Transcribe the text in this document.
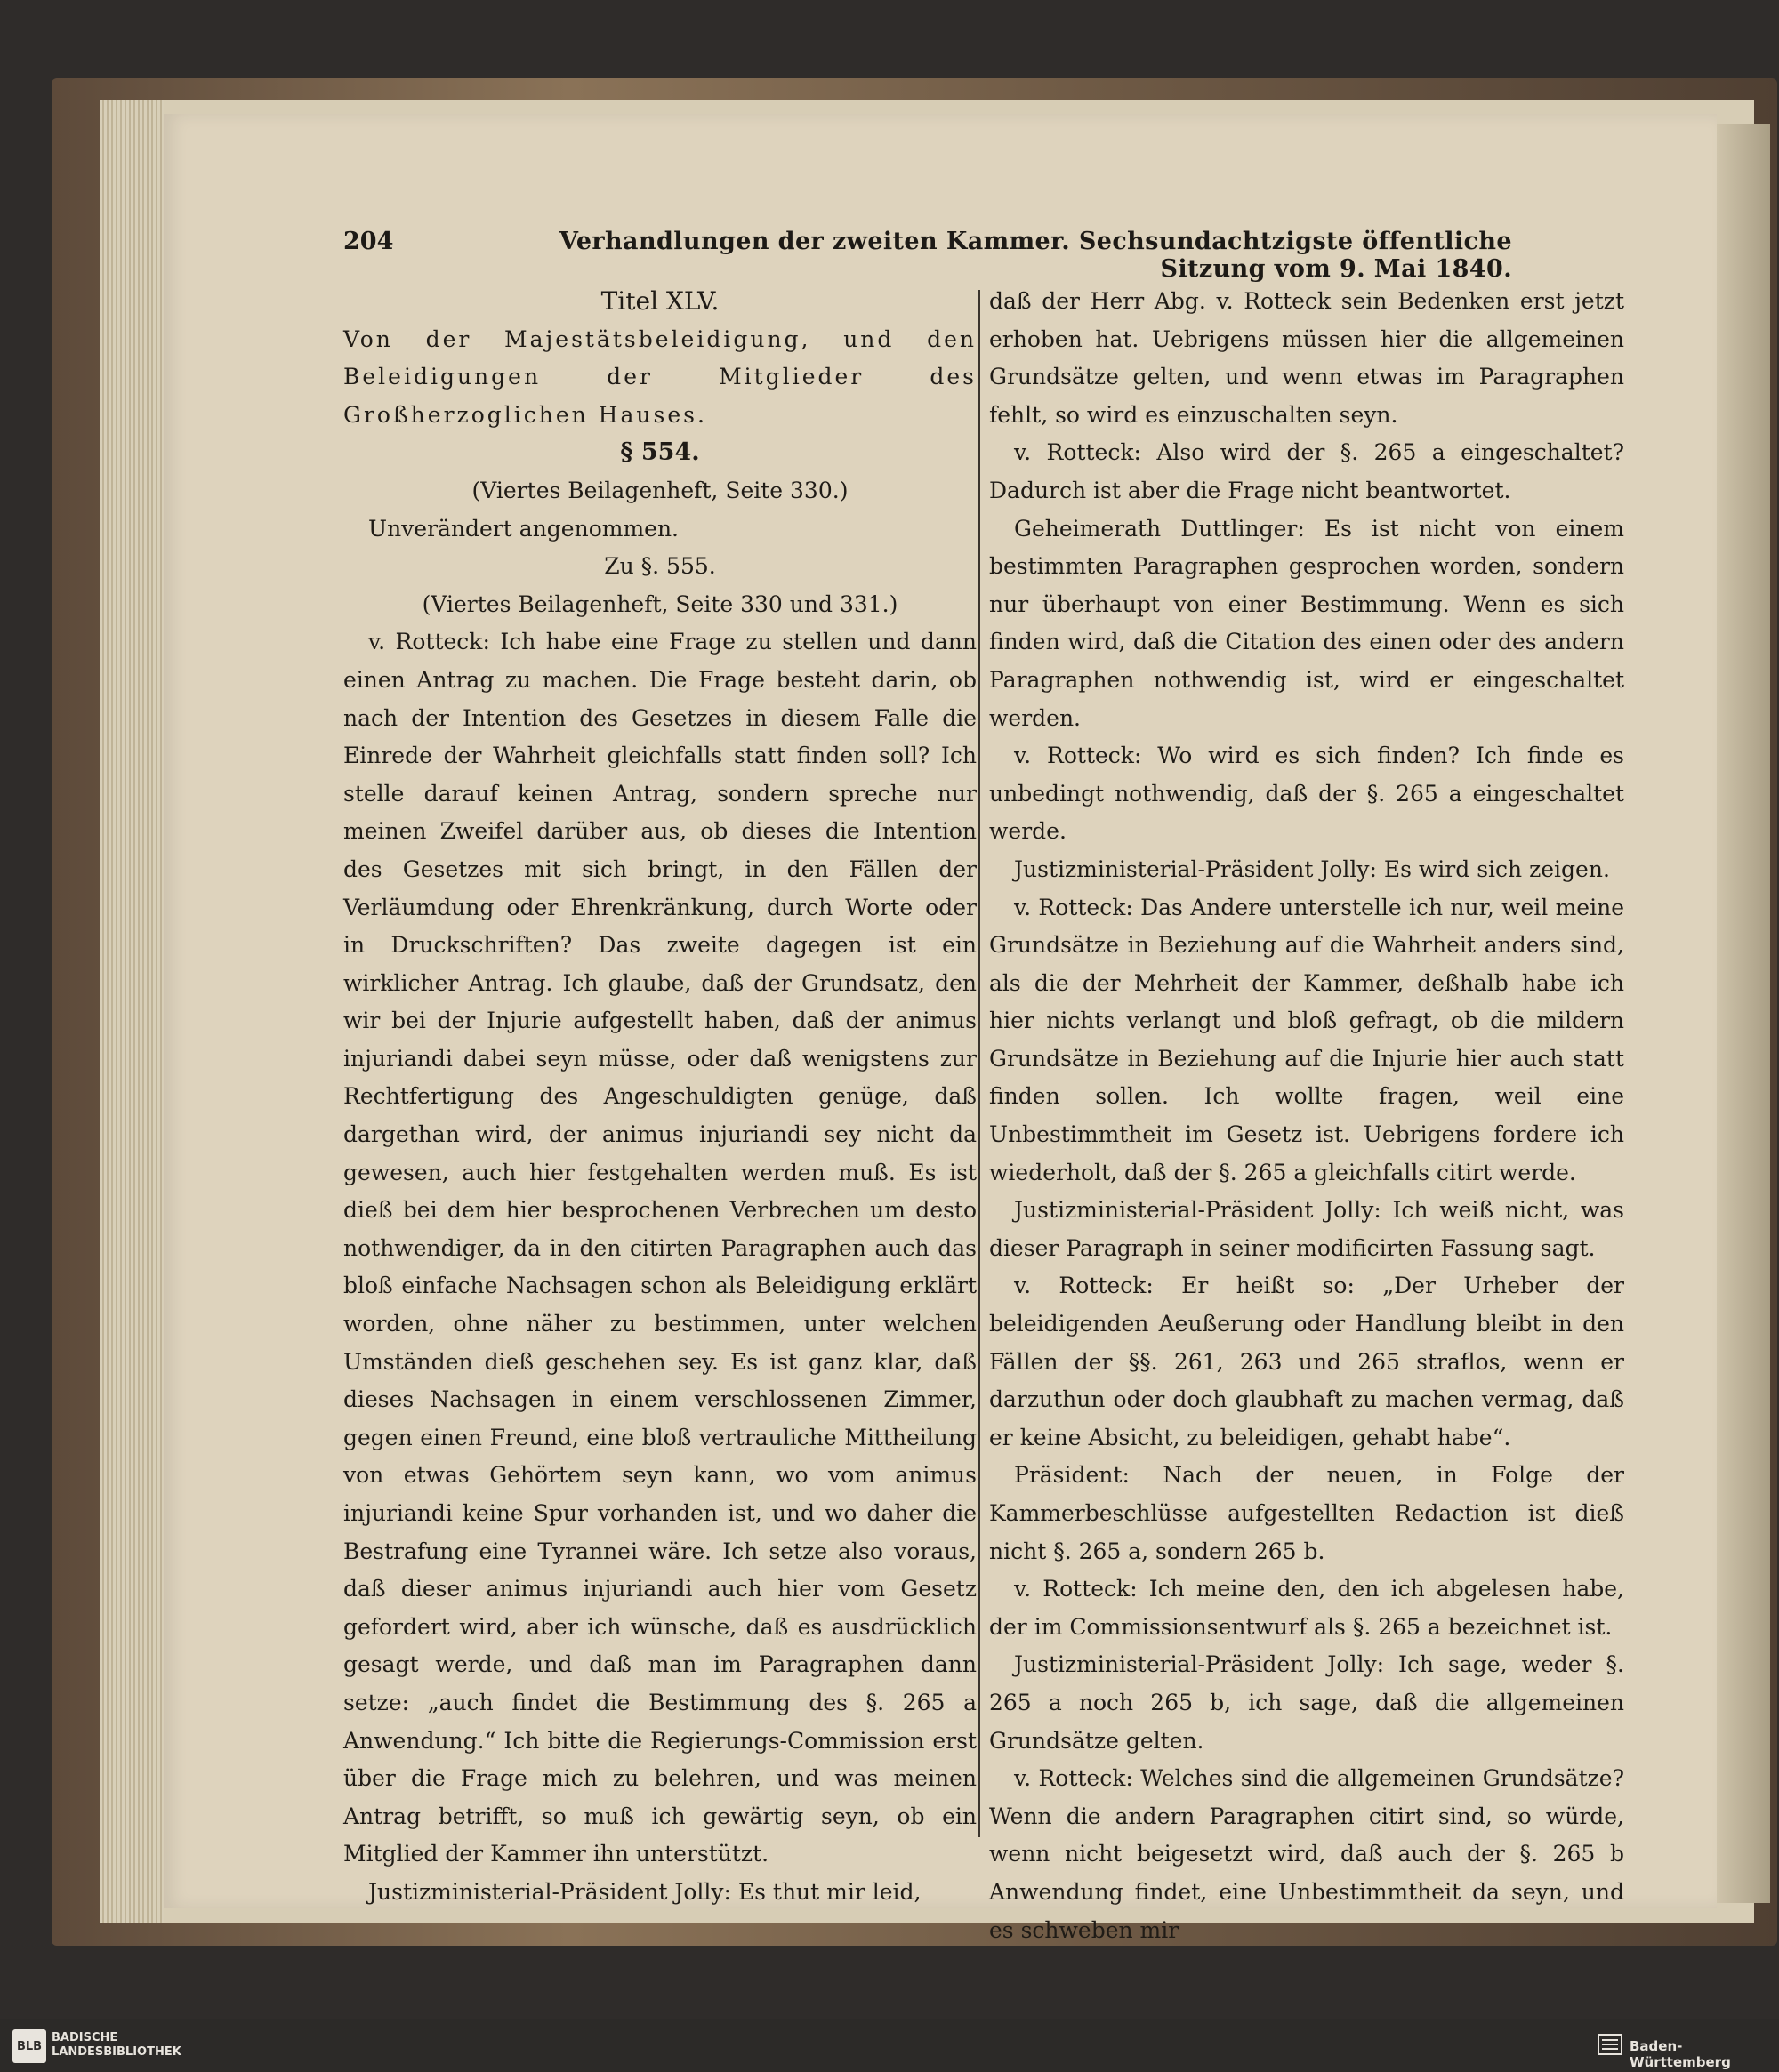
204	Verhandlungen der zweiten Kammer. Sechsundachtzigste öffentliche Sitzung vom 9. Mai 1840.

Titel XLV.

Von der Majestätsbeleidigung, und den Beleidigungen der Mitglieder des Großherzoglichen Hauses.

§ 554.

(Viertes Beilagenheft, Seite 330.)

Unverändert angenommen.

Zu §. 555.

(Viertes Beilagenheft, Seite 330 und 331.)

v. Rotteck: Ich habe eine Frage zu stellen und dann einen Antrag zu machen. Die Frage besteht darin, ob nach der Intention des Gesetzes in diesem Falle die Einrede der Wahrheit gleichfalls statt finden soll? Ich stelle darauf keinen Antrag, sondern spreche nur meinen Zweifel darüber aus, ob dieses die Intention des Gesetzes mit sich bringt, in den Fällen der Verläumdung oder Ehrenkränkung, durch Worte oder in Druckschriften? Das zweite dagegen ist ein wirklicher Antrag. Ich glaube, daß der Grundsatz, den wir bei der Injurie aufgestellt haben, daß der animus injuriandi dabei seyn müsse, oder daß wenigstens zur Rechtfertigung des Angeschuldigten genüge, daß dargethan wird, der animus injuriandi sey nicht da gewesen, auch hier festgehalten werden muß. Es ist dieß bei dem hier besprochenen Verbrechen um desto nothwendiger, da in den citirten Paragraphen auch das bloß einfache Nachsagen schon als Beleidigung erklärt worden, ohne näher zu bestimmen, unter welchen Umständen dieß geschehen sey. Es ist ganz klar, daß dieses Nachsagen in einem verschlossenen Zimmer, gegen einen Freund, eine bloß vertrauliche Mittheilung von etwas Gehörtem seyn kann, wo vom animus injuriandi keine Spur vorhanden ist, und wo daher die Bestrafung eine Tyrannei wäre. Ich setze also voraus, daß dieser animus injuriandi auch hier vom Gesetz gefordert wird, aber ich wünsche, daß es ausdrücklich gesagt werde, und daß man im Paragraphen dann setze: „auch findet die Bestimmung des §. 265 a Anwendung.“ Ich bitte die Regierungs-Commission erst über die Frage mich zu belehren, und was meinen Antrag betrifft, so muß ich gewärtig seyn, ob ein Mitglied der Kammer ihn unterstützt.

Justizministerial-Präsident Jolly: Es thut mir leid,

daß der Herr Abg. v. Rotteck sein Bedenken erst jetzt erhoben hat. Uebrigens müssen hier die allgemeinen Grundsätze gelten, und wenn etwas im Paragraphen fehlt, so wird es einzuschalten seyn.

v. Rotteck: Also wird der §. 265 a eingeschaltet? Dadurch ist aber die Frage nicht beantwortet.

Geheimerath Duttlinger: Es ist nicht von einem bestimmten Paragraphen gesprochen worden, sondern nur überhaupt von einer Bestimmung. Wenn es sich finden wird, daß die Citation des einen oder des andern Paragraphen nothwendig ist, wird er eingeschaltet werden.

v. Rotteck: Wo wird es sich finden? Ich finde es unbedingt nothwendig, daß der §. 265 a eingeschaltet werde.

Justizministerial-Präsident Jolly: Es wird sich zeigen.

v. Rotteck: Das Andere unterstelle ich nur, weil meine Grundsätze in Beziehung auf die Wahrheit anders sind, als die der Mehrheit der Kammer, deßhalb habe ich hier nichts verlangt und bloß gefragt, ob die mildern Grundsätze in Beziehung auf die Injurie hier auch statt finden sollen. Ich wollte fragen, weil eine Unbestimmtheit im Gesetz ist. Uebrigens fordere ich wiederholt, daß der §. 265 a gleichfalls citirt werde.

Justizministerial-Präsident Jolly: Ich weiß nicht, was dieser Paragraph in seiner modificirten Fassung sagt.

v. Rotteck: Er heißt so: „Der Urheber der beleidigenden Aeußerung oder Handlung bleibt in den Fällen der §§. 261, 263 und 265 straflos, wenn er darzuthun oder doch glaubhaft zu machen vermag, daß er keine Absicht, zu beleidigen, gehabt habe“.

Präsident: Nach der neuen, in Folge der Kammerbeschlüsse aufgestellten Redaction ist dieß nicht §. 265 a, sondern 265 b.

v. Rotteck: Ich meine den, den ich abgelesen habe, der im Commissionsentwurf als §. 265 a bezeichnet ist.

Justizministerial-Präsident Jolly: Ich sage, weder §. 265 a noch 265 b, ich sage, daß die allgemeinen Grundsätze gelten.

v. Rotteck: Welches sind die allgemeinen Grundsätze? Wenn die andern Paragraphen citirt sind, so würde, wenn nicht beigesetzt wird, daß auch der §. 265 b Anwendung findet, eine Unbestimmtheit da seyn, und es schweben mir

BLB
BADISCHE
LANDESBIBLIOTHEK	Baden-Württemberg
